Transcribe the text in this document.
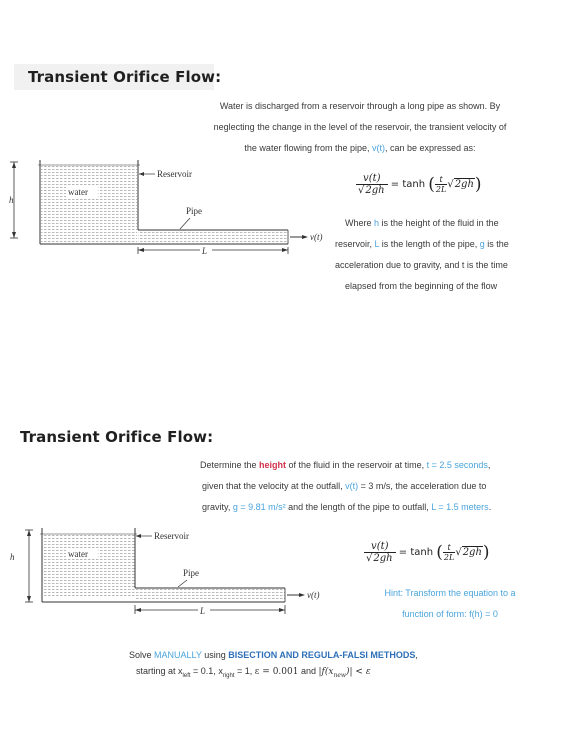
Transient Orifice Flow:
Water is discharged from a reservoir through a long pipe as shown. By
neglecting the change in the level of the reservoir, the transient velocity of
the water flowing from the pipe, v(t), can be expressed as:
h
water
Reservoir
Pipe
v(t)
L
$\frac{v(t)}{√2gh} = \tanh$ ( $\frac{t}{2L} √2gh$)
Where h is the height of the fluid in the
reservoir, L is the length of the pipe, g is the
acceleration due to gravity, and t is the time
elapsed from the beginning of the flow
Transient Orifice Flow:
Determine the height of the fluid in the reservoir at time, t = 2.5 seconds,
given that the velocity at the outfall, v(t) = 3 m/s, the acceleration due to
gravity, g = 9.81 m/s² and the length of the pipe to outfall, L = 1.5 meters.
h	water
Reservoir
Pipe
v(t)
L
$\frac{v(t)}{√2gh} = \tanh$ ( $\frac{t}{2L} √2gh$)
Hint: Transform the equation to a
function of form: f(h) = 0
Solve MANUALLY using BISECTION AND REGULA-FALSI METHODS,
starting at $x_{left} = 0.1$, $x_{right} = 1$, ε = 0.001 and $|f(x_{new})| < \varepsilon$
